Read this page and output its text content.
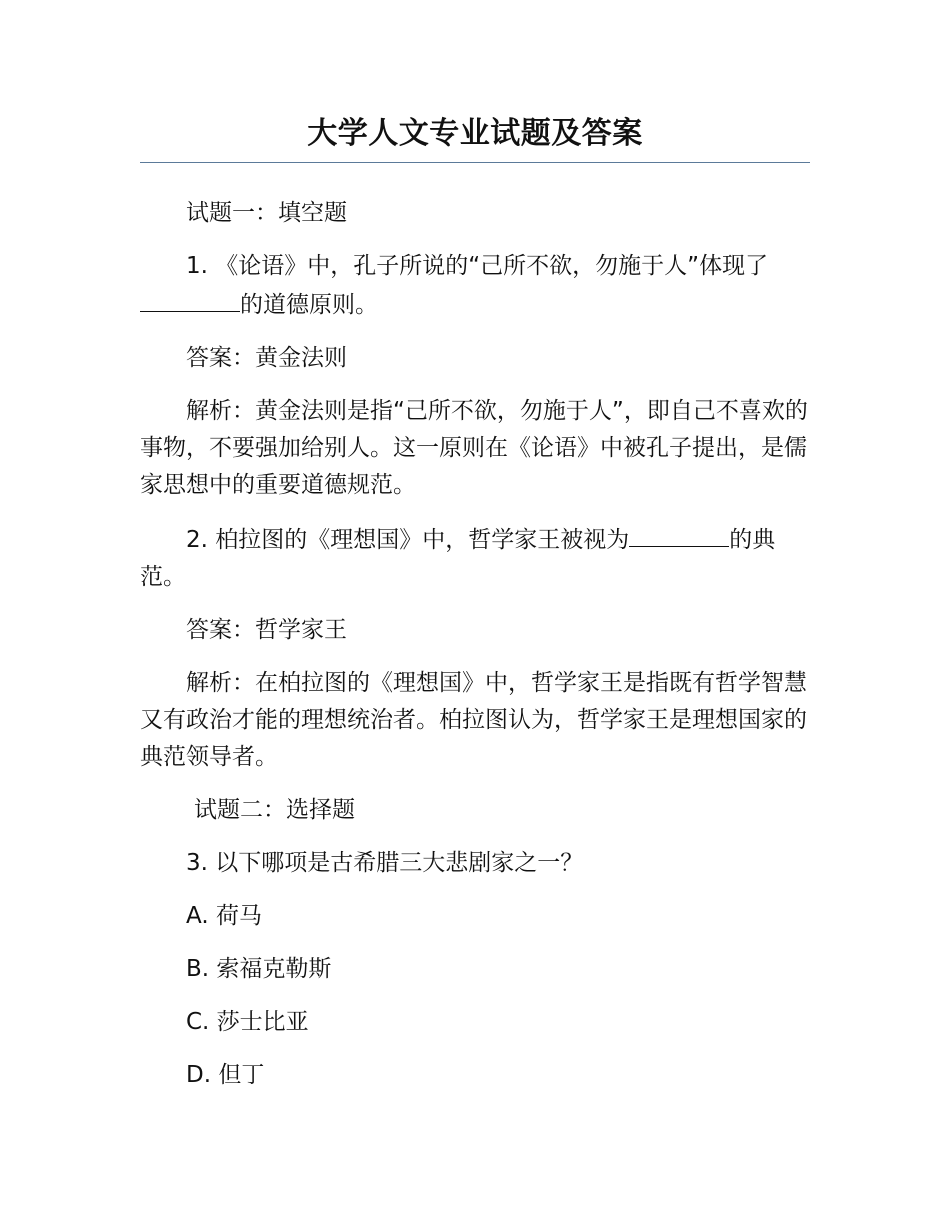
大学人文专业试题及答案

试题一：填空题

1. 《论语》中，孔子所说的“己所不欲，勿施于人”体现了的道德原则。

答案：黄金法则

解析：黄金法则是指“己所不欲，勿施于人”，即自己不喜欢的事物，不要强加给别人。这一原则在《论语》中被孔子提出，是儒家思想中的重要道德规范。

2. 柏拉图的《理想国》中，哲学家王被视为	的典范。

答案：哲学家王

解析：在柏拉图的《理想国》中，哲学家王是指既有哲学智慧又有政治才能的理想统治者。柏拉图认为，哲学家王是理想国家的典范领导者。

试题二：选择题

3. 以下哪项是古希腊三大悲剧家之一？

A. 荷马

B. 索福克勒斯

C. 莎士比亚

D. 但丁
